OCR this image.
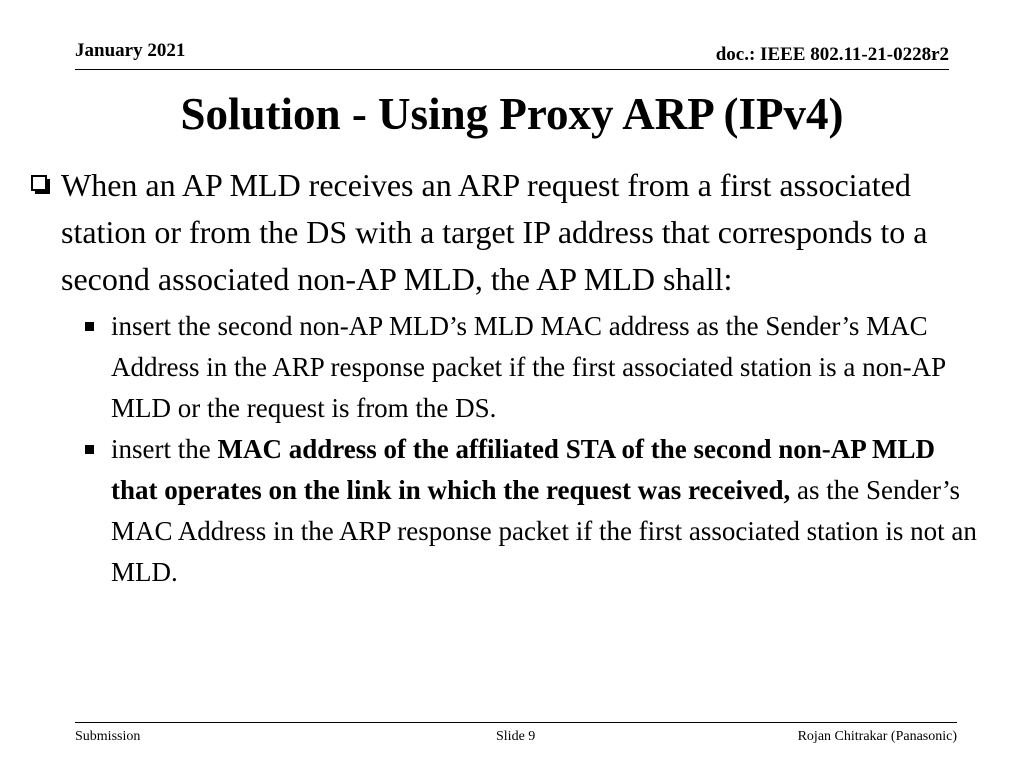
January 2021	doc.: IEEE 802.11-21-0228r2
Solution - Using Proxy ARP (IPv4)
When an AP MLD receives an ARP request from a first associated station or from the DS with a target IP address that corresponds to a second associated non-AP MLD, the AP MLD shall:
insert the second non-AP MLD’s MLD MAC address as the Sender’s MAC Address in the ARP response packet if the first associated station is a non-AP MLD or the request is from the DS.
insert the MAC address of the affiliated STA of the second non-AP MLD that operates on the link in which the request was received, as the Sender’s MAC Address in the ARP response packet if the first associated station is not an MLD.
Submission	Slide 9	Rojan Chitrakar (Panasonic)
